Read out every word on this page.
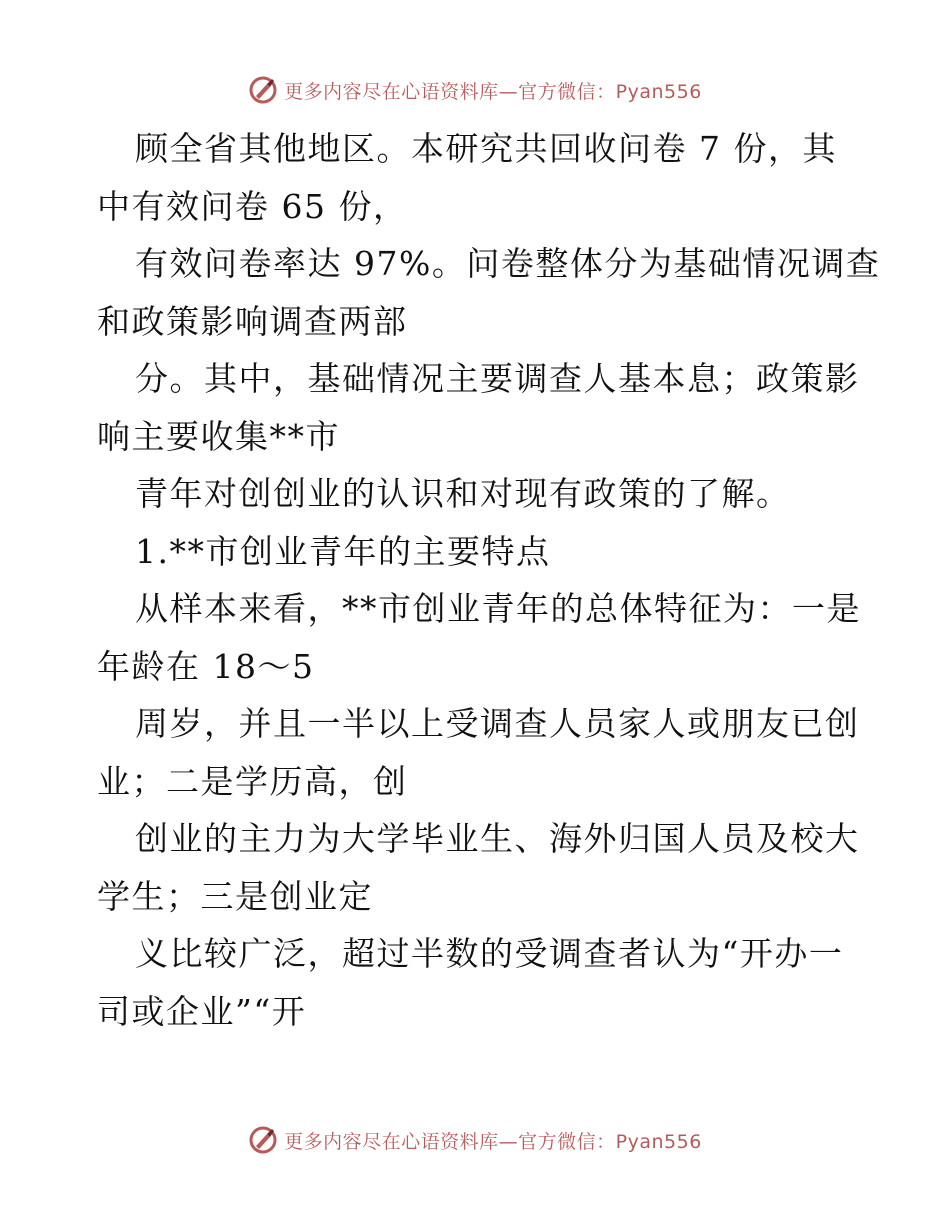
更多内容尽在心语资料库—官方微信：Pyan556
顾全省其他地区。本研究共回收问卷 7 份，其
中有效问卷 65 份，
有效问卷率达 97%。问卷整体分为基础情况调查
和政策影响调查两部
分。其中，基础情况主要调查人基本息；政策影
响主要收集**市
青年对创创业的认识和对现有政策的了解。
1.**市创业青年的主要特点
从样本来看，**市创业青年的总体特征为：一是
年龄在 18～5
周岁，并且一半以上受调查人员家人或朋友已创
业；二是学历高，创
创业的主力为大学毕业生、海外归国人员及校大
学生；三是创业定
义比较广泛，超过半数的受调查者认为“开办一
司或企业”“开
更多内容尽在心语资料库—官方微信：Pyan556
